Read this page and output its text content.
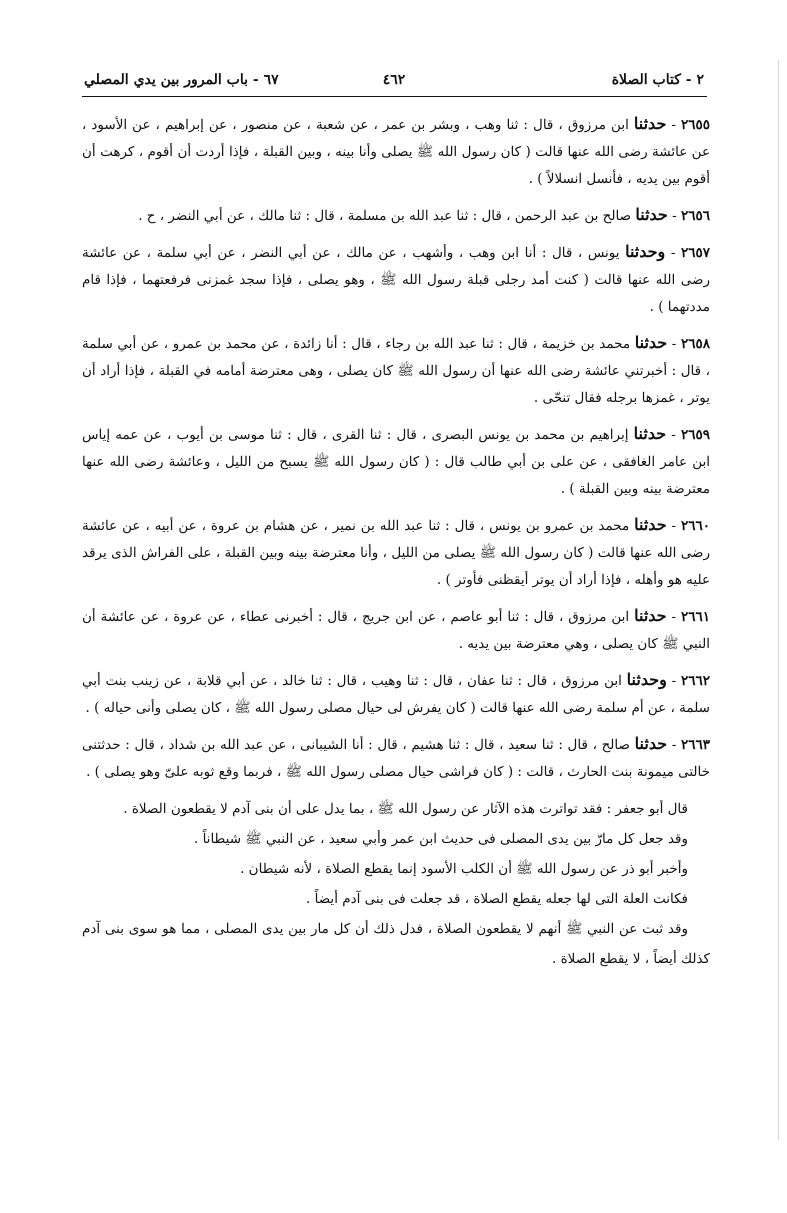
٢ - كتاب الصلاة
٤٦٢
٦٧ - باب المرور بين يدي المصلي

٢٦٥٥ - حدثنا ابن مرزوق ، قال : ثنا وهب ، وبشر بن عمر ، عن شعبة ، عن منصور ، عن إبراهيم ، عن الأسود ، عن عائشة رضى الله عنها قالت ( كان رسول الله ﷺ يصلى وأنا بينه ، وبين القبلة ، فإذا أردت أن أقوم ، كرهت أن أقوم بين يديه ، فأنسل انسلالاً ) .

٢٦٥٦ - حدثنا صالح بن عبد الرحمن ، قال : ثنا عبد الله بن مسلمة ، قال : ثنا مالك ، عن أبي النضر ، ح .

٢٦٥٧ - وحدثنا يونس ، قال : أنا ابن وهب ، وأشهب ، عن مالك ، عن أبي النضر ، عن أبي سلمة ، عن عائشة رضى الله عنها قالت ( كنت أمد رجلى قبلة رسول الله ﷺ ، وهو يصلى ، فإذا سجد غمزنى فرفعتهما ، فإذا قام مددتهما ) .

٢٦٥٨ - حدثنا محمد بن خزيمة ، قال : ثنا عبد الله بن رجاء ، قال : أنا زائدة ، عن محمد بن عمرو ، عن أبي سلمة ، قال : أخبرتني عائشة رضى الله عنها أن رسول الله ﷺ كان يصلى ، وهى معترضة أمامه في القبلة ، فإذا أراد أن يوتر ، غمزها برجله فقال تنحّى .

٢٦٥٩ - حدثنا إبراهيم بن محمد بن يونس البصرى ، قال : ثنا القرى ، قال : ثنا موسى بن أيوب ، عن عمه إياس ابن عامر الغافقى ، عن على بن أبي طالب قال : ( كان رسول الله ﷺ يسبح من الليل ، وعائشة رضى الله عنها معترضة بينه وبين القبلة ) .

٢٦٦٠ - حدثنا محمد بن عمرو بن يونس ، قال : ثنا عبد الله بن نمير ، عن هشام بن عروة ، عن أبيه ، عن عائشة رضى الله عنها قالت ( كان رسول الله ﷺ يصلى من الليل ، وأنا معترضة بينه وبين القبلة ، على الفراش الذى يرقد عليه هو وأهله ، فإذا أراد أن يوتر أيقظنى فأوتر ) .

٢٦٦١ - حدثنا ابن مرزوق ، قال : ثنا أبو عاصم ، عن ابن جريج ، قال : أخبرنى عطاء ، عن عروة ، عن عائشة أن النبي ﷺ كان يصلى ، وهي معترضة بين يديه .

٢٦٦٢ - وحدثنا ابن مرزوق ، قال : ثنا عفان ، قال : ثنا وهيب ، قال : ثنا خالد ، عن أبي قلابة ، عن زينب بنت أبي سلمة ، عن أم سلمة رضى الله عنها قالت ( كان يفرش لى حيال مصلى رسول الله ﷺ ، كان يصلى وأنى حياله ) .

٢٦٦٣ - حدثنا صالح ، قال : ثنا سعيد ، قال : ثنا هشيم ، قال : أنا الشيبانى ، عن عبد الله بن شداد ، قال : حدثتنى خالتى ميمونة بنت الحارث ، قالت : ( كان فراشى حيال مصلى رسول الله ﷺ ، فربما وقع ثوبه علىّ وهو يصلى ) .

قال أبو جعفر : فقد تواترت هذه الآثار عن رسول الله ﷺ ، بما يدل على أن بنى آدم لا يقطعون الصلاة .

وقد جعل كل مارّ بين يدى المصلى فى حديث ابن عمر وأبي سعيد ، عن النبي ﷺ شيطاناً .

وأخبر أبو ذر عن رسول الله ﷺ أن الكلب الأسود إنما يقطع الصلاة ، لأنه شيطان .

فكانت العلة التى لها جعله يقطع الصلاة ، قد جعلت فى بنى آدم أيضاً .

وقد ثبت عن النبي ﷺ أنهم لا يقطعون الصلاة ، فدل ذلك أن كل مار بين يدى المصلى ، مما هو سوى بنى آدم كذلك أيضاً ، لا يقطع الصلاة .
